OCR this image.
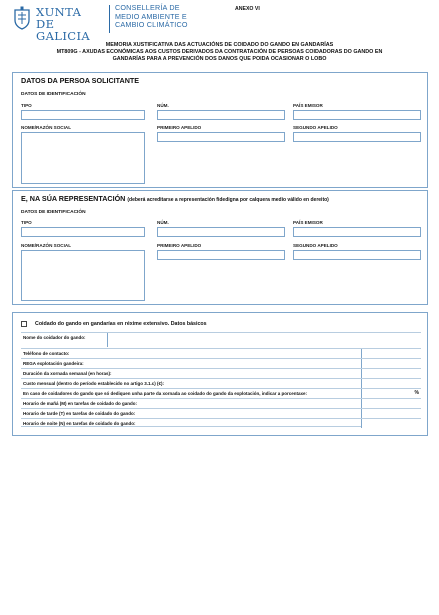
XUNTA
DE GALICIA
CONSELLERÍA DE
MEDIO AMBIENTE E
CAMBIO CLIMÁTICO
ANEXO VI
MEMORIA XUSTIFICATIVA DAS ACTUACIÓNS DE COIDADO DO GANDO EN GANDARÍAS
MT809G - AXUDAS ECONÓMICAS AOS CUSTOS DERIVADOS DA CONTRATACIÓN DE PERSOAS COIDADORAS DO GANDO EN
GANDARÍAS PARA A PREVENCIÓN DOS DANOS QUE POIDA OCASIONAR O LOBO
DATOS DA PERSOA SOLICITANTE
DATOS DE IDENTIFICACIÓN
TIPO	NÚM.	PAÍS EMISOR
NOME/RAZÓN SOCIAL	PRIMEIRO APELIDO	SEGUNDO APELIDO
E, NA SÚA REPRESENTACIÓN (deberá acreditarse a representación fidedigna por calquera medio válido en dereito)
DATOS DE IDENTIFICACIÓN
TIPO	NÚM.	PAÍS EMISOR
NOME/RAZÓN SOCIAL	PRIMEIRO APELIDO	SEGUNDO APELIDO
Coidado do gando en gandarías en réxime extensivo. Datos básicos
Nome do coidador do gando:
Teléfono de contacto:
REGA explotación gandeira:
Duración da xornada semanal (en horas):
Custo mensual (dentro do período establecido no artigo 3.1.c) (€):
En caso de coidadores do gando que só dediquen unha parte da xornada ao coidado do gando da explotación, indicar a porcentaxe:	%
Horario de mañá (M) en tarefas de coidado do gando:
Horario de tarde (T) en tarefas de coidado do gando:
Horario de noite (N) en tarefas de coidado do gando:
